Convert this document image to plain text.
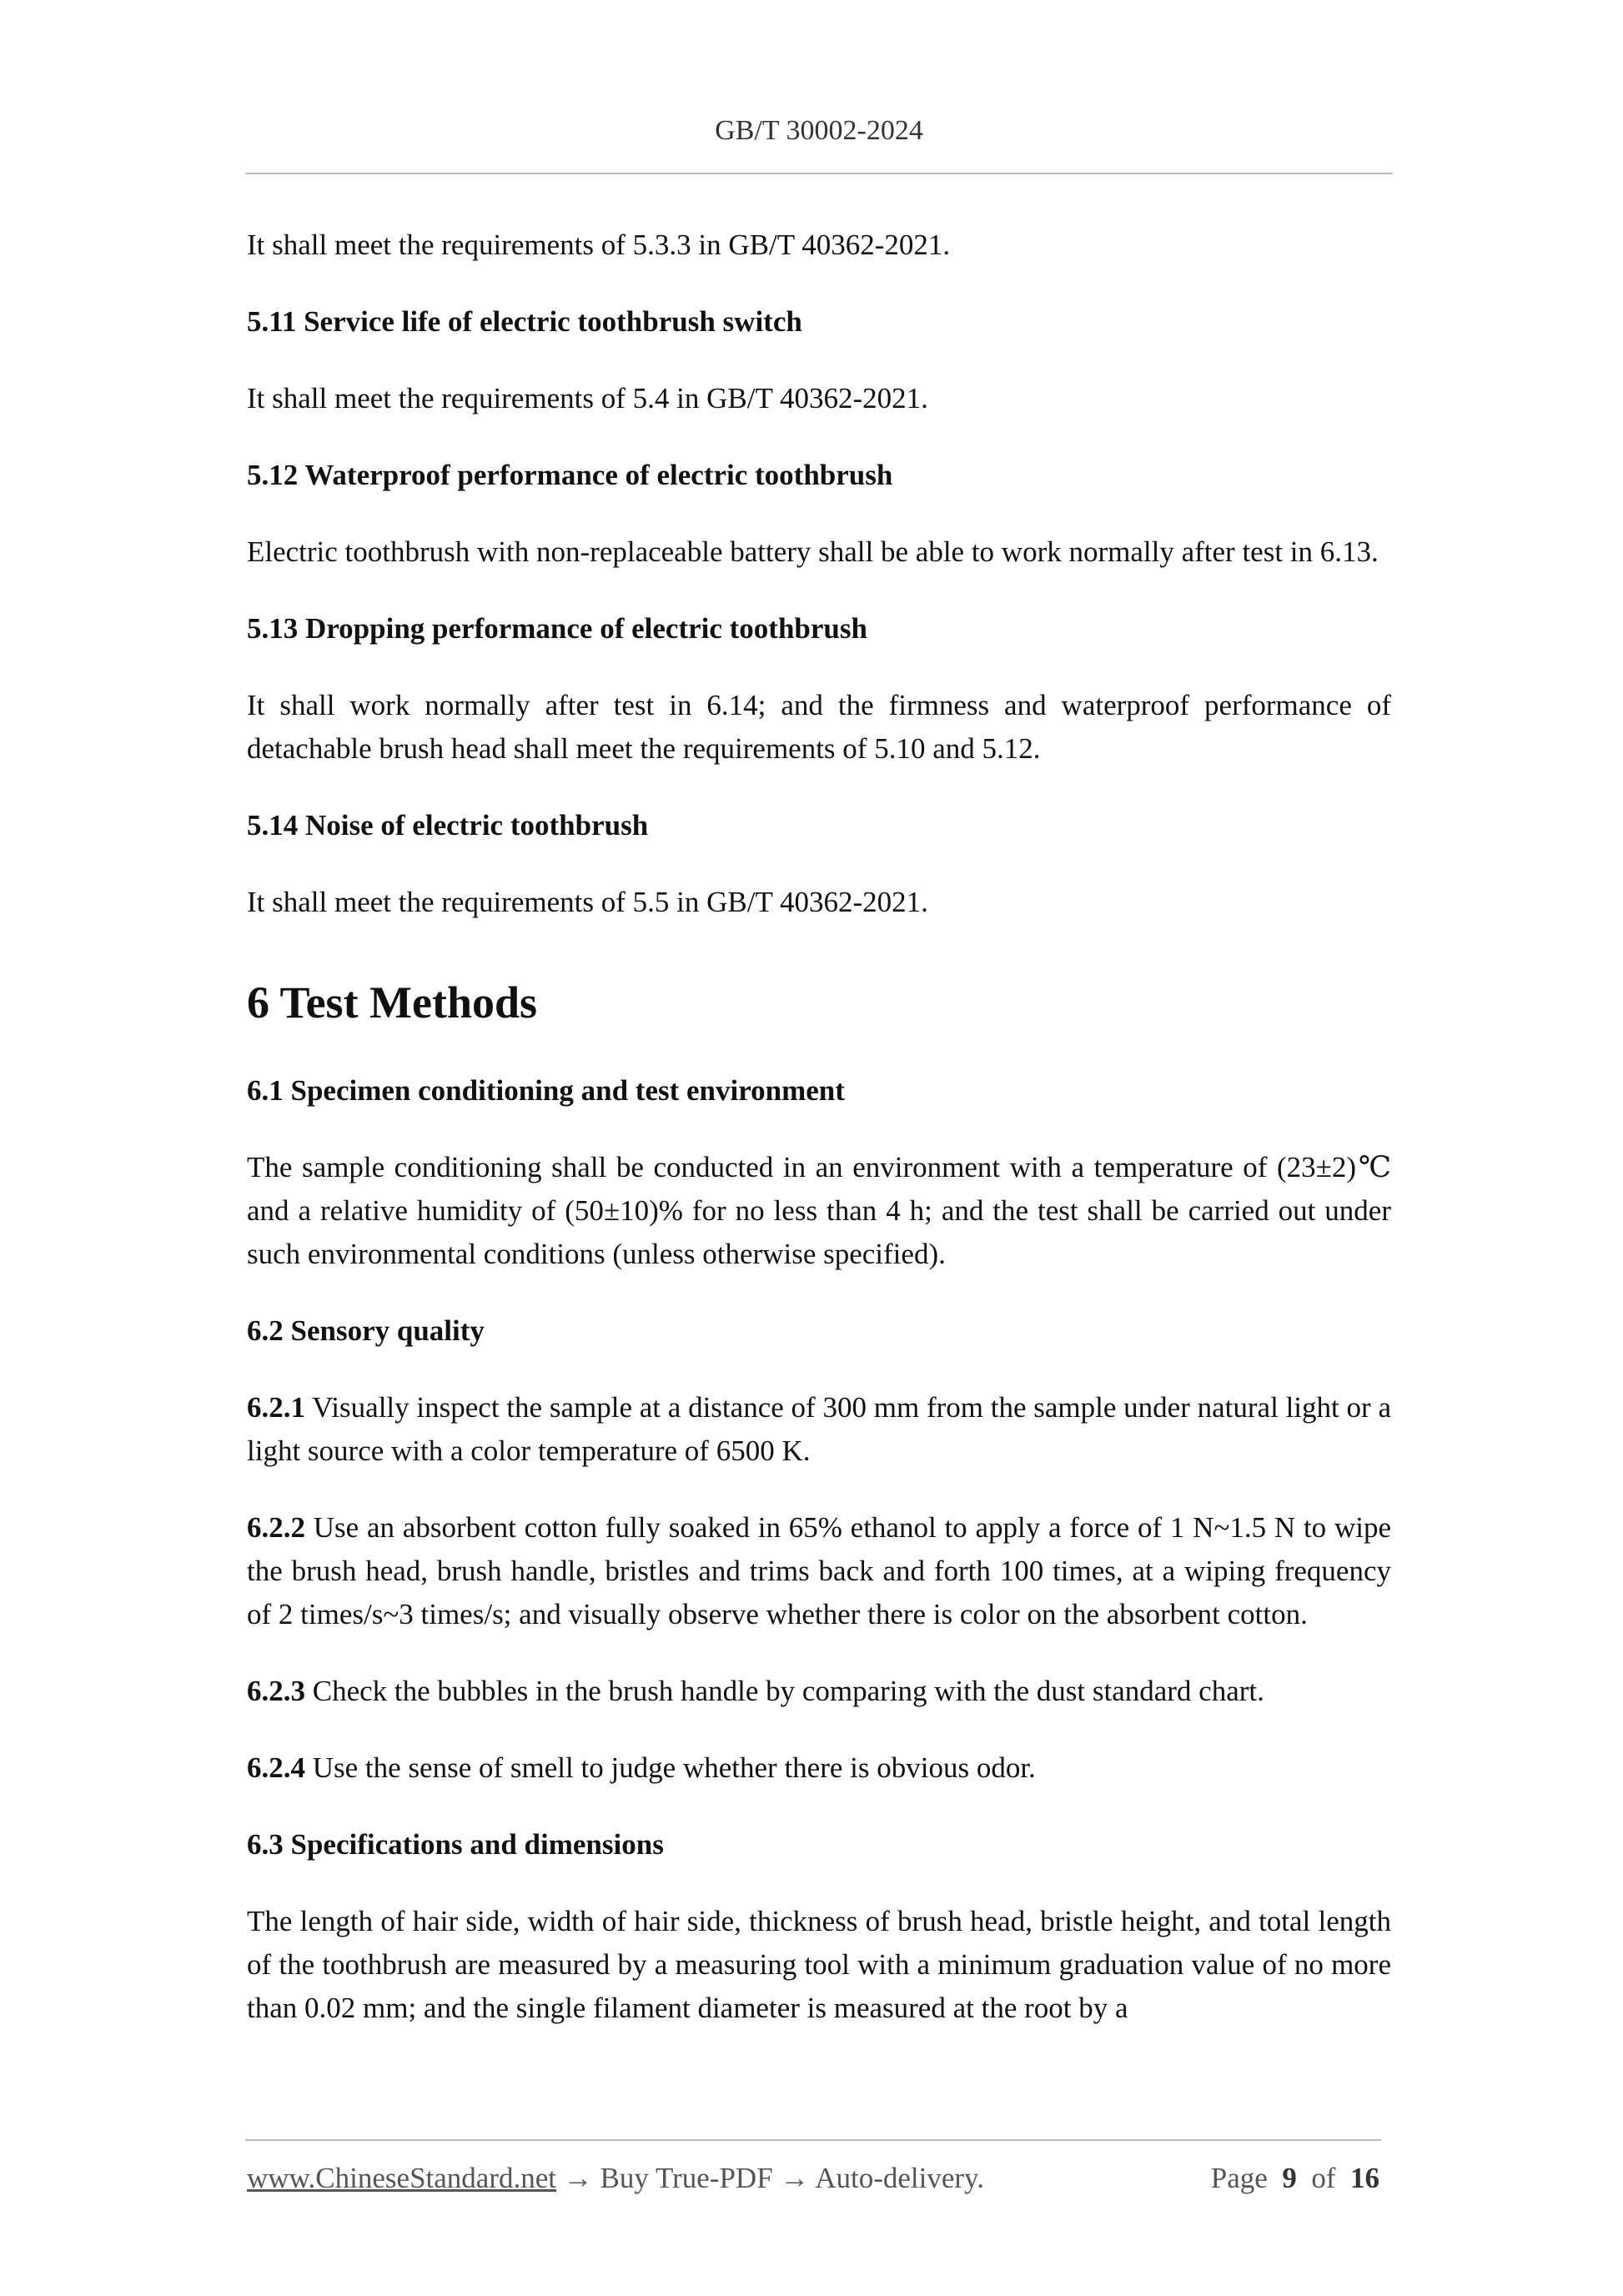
GB/T 30002-2024

It shall meet the requirements of 5.3.3 in GB/T 40362-2021.

5.11 Service life of electric toothbrush switch

It shall meet the requirements of 5.4 in GB/T 40362-2021.

5.12 Waterproof performance of electric toothbrush

Electric toothbrush with non-replaceable battery shall be able to work normally after test in 6.13.

5.13 Dropping performance of electric toothbrush

It shall work normally after test in 6.14; and the firmness and waterproof performance of detachable brush head shall meet the requirements of 5.10 and 5.12.

5.14 Noise of electric toothbrush

It shall meet the requirements of 5.5 in GB/T 40362-2021.

6 Test Methods

6.1 Specimen conditioning and test environment

The sample conditioning shall be conducted in an environment with a temperature of (23±2)℃ and a relative humidity of (50±10)% for no less than 4 h; and the test shall be carried out under such environmental conditions (unless otherwise specified).

6.2 Sensory quality

6.2.1 Visually inspect the sample at a distance of 300 mm from the sample under natural light or a light source with a color temperature of 6500 K.

6.2.2 Use an absorbent cotton fully soaked in 65% ethanol to apply a force of 1 N~1.5 N to wipe the brush head, brush handle, bristles and trims back and forth 100 times, at a wiping frequency of 2 times/s~3 times/s; and visually observe whether there is color on the absorbent cotton.

6.2.3 Check the bubbles in the brush handle by comparing with the dust standard chart.

6.2.4 Use the sense of smell to judge whether there is obvious odor.

6.3 Specifications and dimensions

The length of hair side, width of hair side, thickness of brush head, bristle height, and total length of the toothbrush are measured by a measuring tool with a minimum graduation value of no more than 0.02 mm; and the single filament diameter is measured at the root by a

www.ChineseStandard.net → Buy True-PDF → Auto-delivery.	Page 9 of 16
